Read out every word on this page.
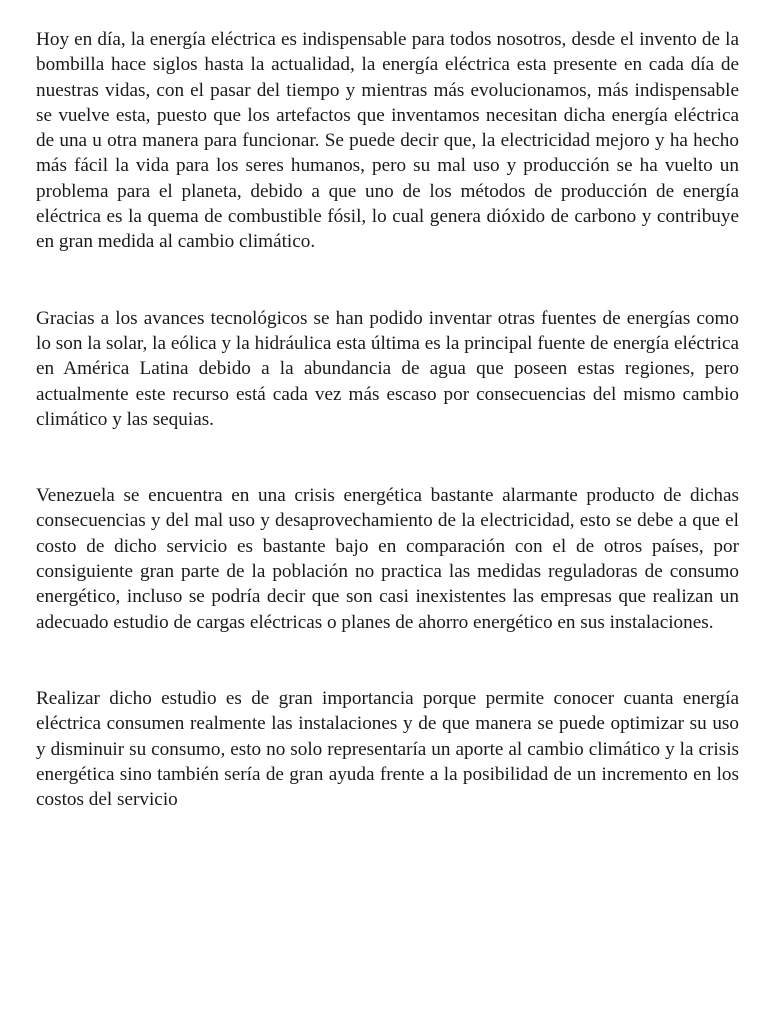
Hoy en día, la energía eléctrica es indispensable para todos nosotros, desde el invento de la bombilla hace siglos hasta la actualidad, la energía eléctrica esta presente en cada día de nuestras vidas, con el pasar del tiempo y mientras más evolucionamos, más indispensable se vuelve esta, puesto que los artefactos que inventamos necesitan dicha energía eléctrica de una u otra manera para funcionar. Se puede decir que, la electricidad mejoro y ha hecho más fácil la vida para los seres humanos, pero su mal uso y producción se ha vuelto un problema para el planeta, debido a que uno de los métodos de producción de energía eléctrica es la quema de combustible fósil, lo cual genera dióxido de carbono y contribuye en gran medida al cambio climático.

Gracias a los avances tecnológicos se han podido inventar otras fuentes de energías como lo son la solar, la eólica y la hidráulica esta última es la principal fuente de energía eléctrica en América Latina debido a la abundancia de agua que poseen estas regiones, pero actualmente este recurso está cada vez más escaso por consecuencias del mismo cambio climático y las sequias.

Venezuela se encuentra en una crisis energética bastante alarmante producto de dichas consecuencias y del mal uso y desaprovechamiento de la electricidad, esto se debe a que el costo de dicho servicio es bastante bajo en comparación con el de otros países, por consiguiente gran parte de la población no practica las medidas reguladoras de consumo energético, incluso se podría decir que son casi inexistentes las empresas que realizan un adecuado estudio de cargas eléctricas o planes de ahorro energético en sus instalaciones.

Realizar dicho estudio es de gran importancia porque permite conocer cuanta energía eléctrica consumen realmente las instalaciones y de que manera se puede optimizar su uso y disminuir su consumo, esto no solo representaría un aporte al cambio climático y la crisis energética sino también sería de gran ayuda frente a la posibilidad de un incremento en los costos del servicio
